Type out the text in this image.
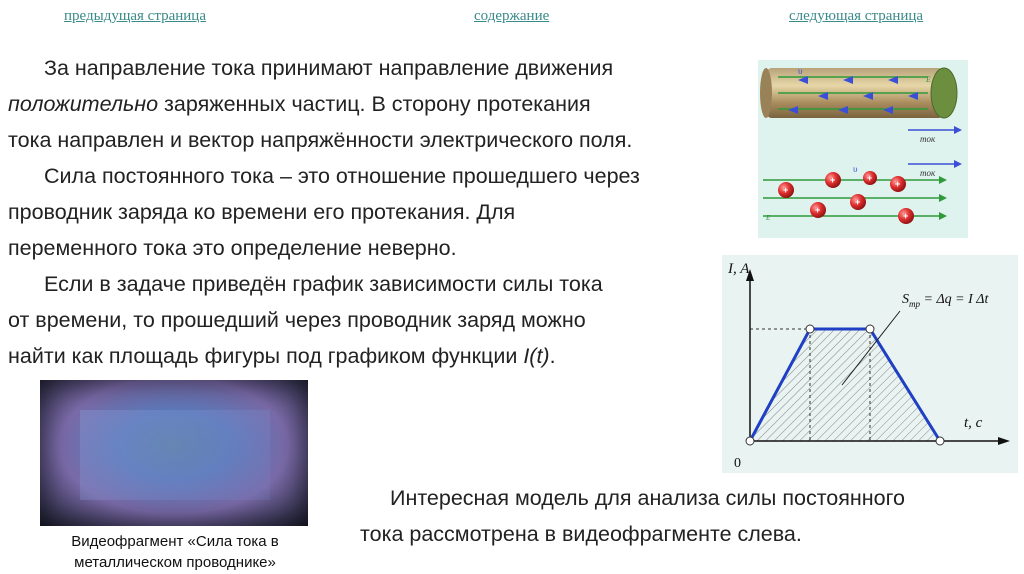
предыдущая страница	содержание	следующая страница
За направление тока принимают направление движения
положительно заряженных частиц. В сторону протекания
тока направлен и вектор напряжённости электрического поля.
Сила постоянного тока – это отношение прошедшего через
проводник заряда ко времени его протекания. Для
переменного тока это определение неверно.
Если в задаче приведён график зависимости силы тока
от времени, то прошедший через проводник заряд можно
найти как площадь фигуры под графиком функции I(t).
υ
E
ток
ток
υ
E
+
+
+
+
+
+
+
I, A
t, c
0
$S_{тр} = \Delta q = I$ Δt
Видеофрагмент «Сила тока в
металлическом проводнике»
Интересная модель для анализа силы постоянного
тока рассмотрена в видеофрагменте слева.
